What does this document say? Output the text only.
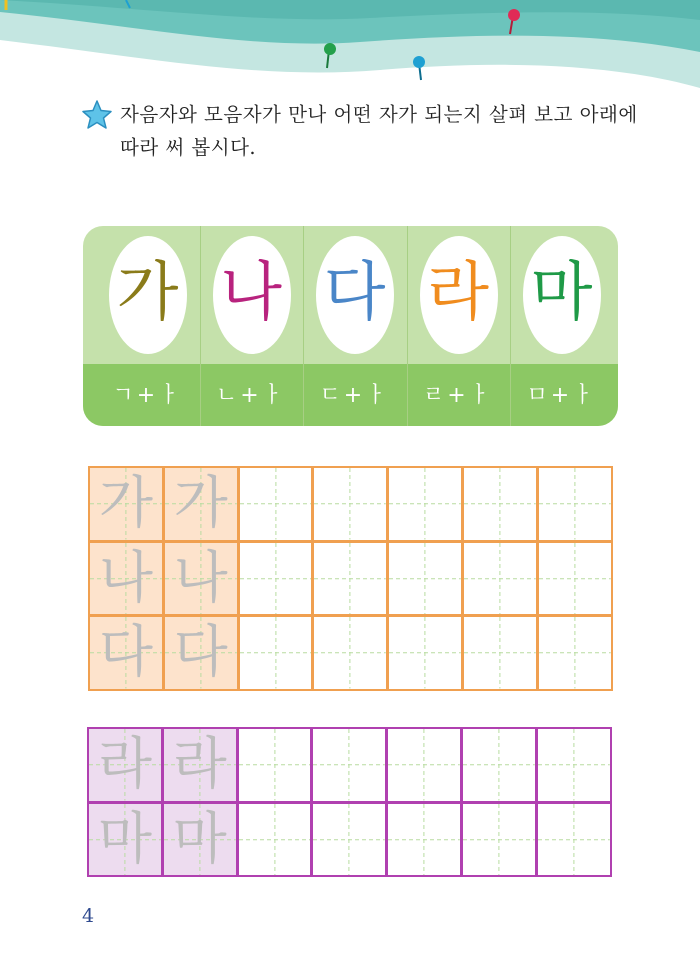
자음자와 모음자가 만나 어떤 자가 되는지 살펴 보고 아래에 따라 써 봅시다.
가
ㄱ+ㅏ
나
ㄴ+ㅏ
다
ㄷ+ㅏ
라
ㄹ+ㅏ
마
ㅁ+ㅏ
가 가
나 나
다 다
라 라
마 마
4
